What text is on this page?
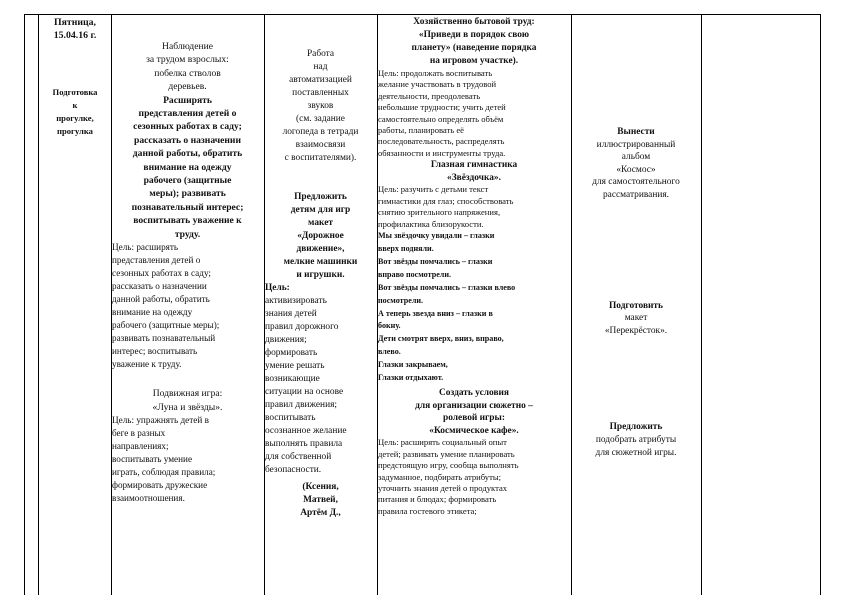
Пятница,
15.04.16 г.
Подготовка
к
прогулке,
прогулка
Наблюдение
за трудом взрослых:
побелка стволов
деревьев.
Расширять
представления детей о
сезонных работах в саду;
рассказать о назначении
данной работы, обратить
внимание на одежду
рабочего (защитные
меры); развивать
познавательный интерес;
воспитывать уважение к
труду.
Цель: расширять
представления детей о
сезонных работах в саду;
рассказать о назначении
данной работы, обратить
внимание на одежду
рабочего (защитные меры);
развивать познавательный
интерес; воспитывать
уважение к труду.
Подвижная игра:
«Луна и звёзды».
Цель: упражнять детей в
беге в разных
направлениях;
воспитывать умение
играть, соблюдая правила;
формировать дружеские
взаимоотношения.
Работа
над
автоматизацией
поставленных
звуков
(см. задание
логопеда в тетради
взаимосвязи
с воспитателями).
Предложить
детям для игр
макет
«Дорожное
движение»,
мелкие машинки
и игрушки.
Цель:
активизировать
знания детей
правил дорожного
движения;
формировать
умение решать
возникающие
ситуации на основе
правил движения;
воспитывать
осознанное желание
выполнять правила
для собственной
безопасности.
(Ксения,
Матвей,
Артём Д.,
Хозяйственно бытовой труд:
«Приведи в порядок свою
планету» (наведение порядка
на игровом участке).
Цель: продолжать воспитывать
желание участвовать в трудовой
деятельности, преодолевать
небольшие трудности; учить детей
самостоятельно определять объём
работы, планировать её
последовательность, распределять
обязанности и инструменты труда.
Глазная гимнастика
«Звёздочка».
Цель: разучить с детьми текст
гимнастики для глаз; способствовать
снятию зрительного напряжения,
профилактика близорукости.
Мы звёздочку увидали – глазки
вверх подняли.
Вот звёзды помчались – глазки
вправо посмотрели.
Вот звёзды помчались – глазки влево
посмотрели.
А теперь звезда вниз – глазки в
бокну.
Дети смотрят вверх, вниз, вправо,
влево.
Глазки закрываем,
Глазки отдыхают.
Создать условия
для организации сюжетно –
ролевой игры:
«Космическое кафе».
Цель: расширять социальный опыт
детей; развивать умение планировать
предстоящую игру, сообща выполнять
задуманное, подбирать атрибуты;
уточнить знания детей о продуктах
питания и блюдах; формировать
правила гостевого этикета;
Вынести
иллюстрированный
альбом
«Космос»
для самостоятельного
рассматривания.
Подготовить
макет
«Перекрёсток».
Предложить
подобрать атрибуты
для сюжетной игры.
